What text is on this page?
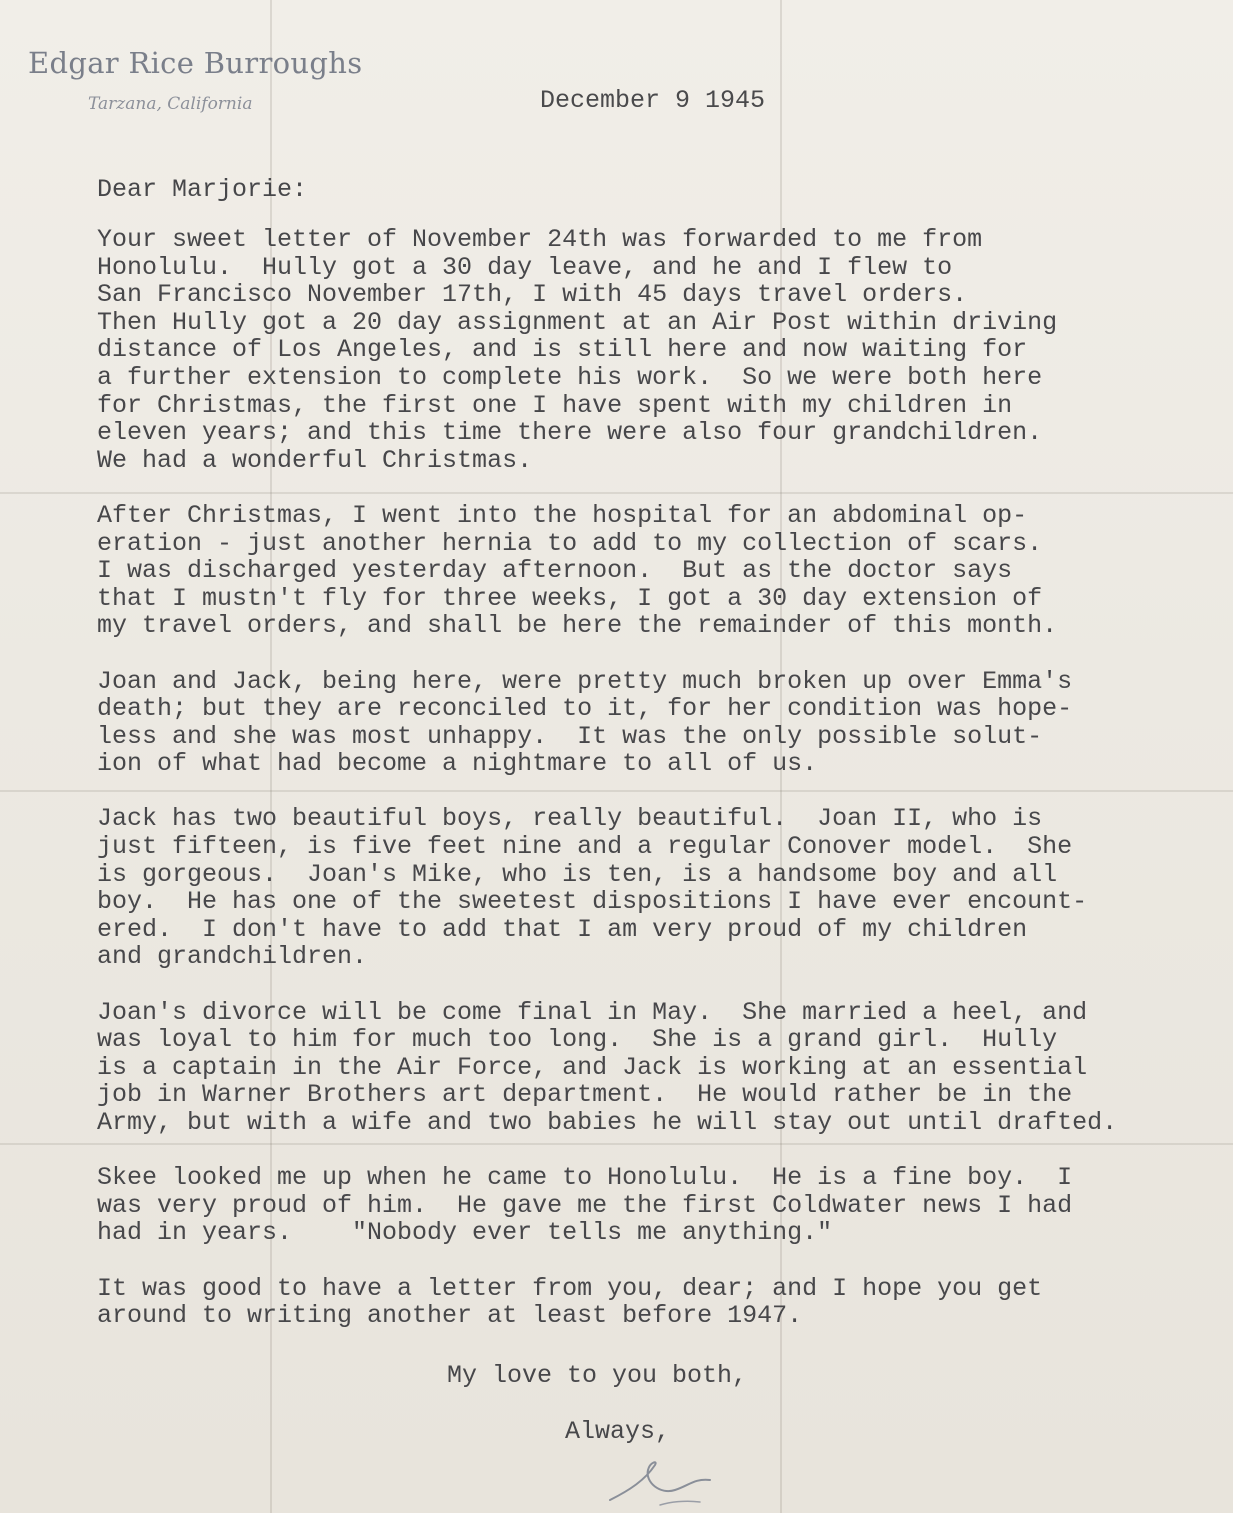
Edgar Rice Burroughs
Tarzana, California	December 9 1945
Dear Marjorie:
Your sweet letter of November 24th was forwarded to me from
Honolulu.  Hully got a 30 day leave, and he and I flew to
San Francisco November 17th, I with 45 days travel orders.
Then Hully got a 20 day assignment at an Air Post within driving
distance of Los Angeles, and is still here and now waiting for
a further extension to complete his work.  So we were both here
for Christmas, the first one I have spent with my children in
eleven years; and this time there were also four grandchildren.
We had a wonderful Christmas.

After Christmas, I went into the hospital for an abdominal op-
eration - just another hernia to add to my collection of scars.
I was discharged yesterday afternoon.  But as the doctor says
that I mustn't fly for three weeks, I got a 30 day extension of
my travel orders, and shall be here the remainder of this month.

Joan and Jack, being here, were pretty much broken up over Emma's
death; but they are reconciled to it, for her condition was hope-
less and she was most unhappy.  It was the only possible solut-
ion of what had become a nightmare to all of us.

Jack has two beautiful boys, really beautiful.  Joan II, who is
just fifteen, is five feet nine and a regular Conover model.  She
is gorgeous.  Joan's Mike, who is ten, is a handsome boy and all
boy.  He has one of the sweetest dispositions I have ever encount-
ered.  I don't have to add that I am very proud of my children
and grandchildren.

Joan's divorce will be come final in May.  She married a heel, and
was loyal to him for much too long.  She is a grand girl.  Hully
is a captain in the Air Force, and Jack is working at an essential
job in Warner Brothers art department.  He would rather be in the
Army, but with a wife and two babies he will stay out until drafted.

Skee looked me up when he came to Honolulu.  He is a fine boy.  I
was very proud of him.  He gave me the first Coldwater news I had
had in years.    "Nobody ever tells me anything."

It was good to have a letter from you, dear; and I hope you get
around to writing another at least before 1947.
My love to you both,
Always,
